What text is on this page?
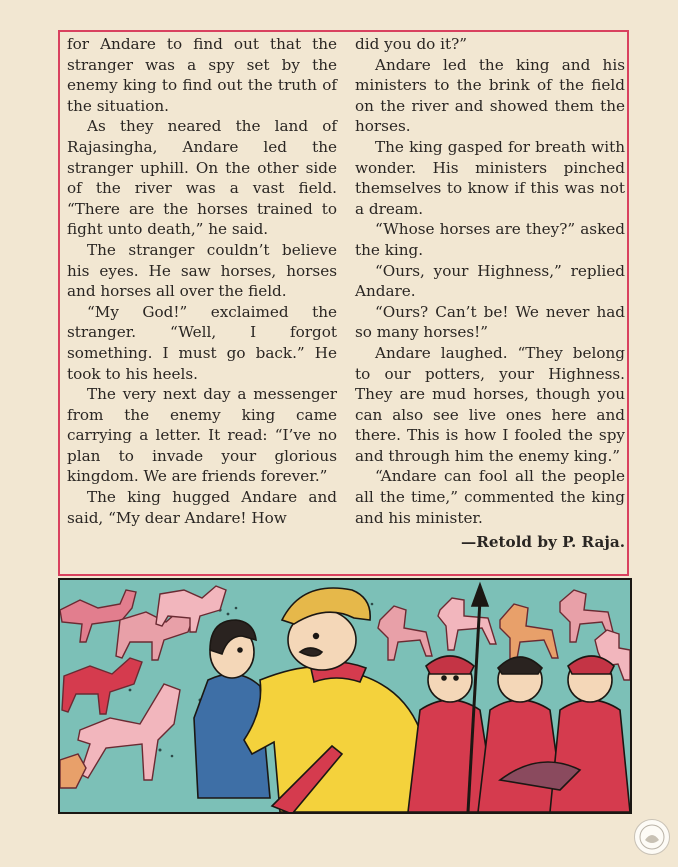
for Andare to find out that the stranger was a spy set by the enemy king to find out the truth of the situation.

As they neared the land of Rajasingha, Andare led the stranger uphill. On the other side of the river was a vast field. “There are the horses trained to fight unto death,” he said.

The stranger couldn’t believe his eyes. He saw horses, horses and horses all over the field.

“My God!” exclaimed the stranger. “Well, I forgot something. I must go back.” He took to his heels.

The very next day a messenger from the enemy king came carrying a letter. It read: “I’ve no plan to invade your glorious kingdom. We are friends forever.”

The king hugged Andare and said, “My dear Andare! How

did you do it?”

Andare led the king and his ministers to the brink of the field on the river and showed them the horses.

The king gasped for breath with wonder. His ministers pinched themselves to know if this was not a dream.

“Whose horses are they?” asked the king.

“Ours, your Highness,” replied Andare.

“Ours? Can’t be! We never had so many horses!”

Andare laughed. “They belong to our potters, your Highness. They are mud horses, though you can also see live ones here and there. This is how I fooled the spy and through him the enemy king.”

“Andare can fool all the people all the time,” commented the king and his minister.

—Retold by P. Raja.
